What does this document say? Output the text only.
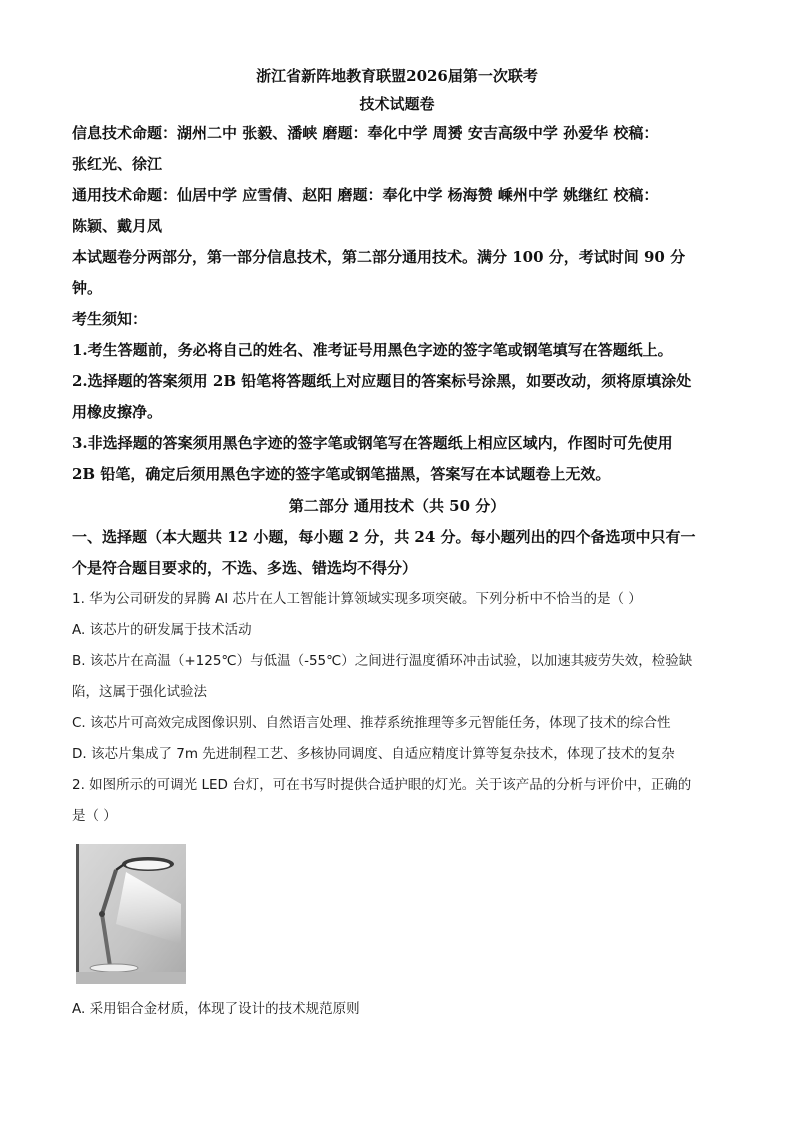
浙江省新阵地教育联盟2026届第一次联考
技术试题卷
信息技术命题：湖州二中 张毅、潘峡 磨题：奉化中学 周赟 安吉高级中学 孙爱华 校稿：
张红光、徐江
通用技术命题：仙居中学 应雪倩、赵阳 磨题：奉化中学 杨海赞 嵊州中学 姚继红 校稿：
陈颖、戴月凤
本试题卷分两部分，第一部分信息技术，第二部分通用技术。满分 100 分，考试时间 90 分
钟。
考生须知：
1.考生答题前，务必将自己的姓名、准考证号用黑色字迹的签字笔或钢笔填写在答题纸上。
2.选择题的答案须用 2B 铅笔将答题纸上对应题目的答案标号涂黑，如要改动，须将原填涂处
用橡皮擦净。
3.非选择题的答案须用黑色字迹的签字笔或钢笔写在答题纸上相应区域内，作图时可先使用
2B 铅笔，确定后须用黑色字迹的签字笔或钢笔描黑，答案写在本试题卷上无效。
第二部分 通用技术（共 50 分）
一、选择题（本大题共 12 小题，每小题 2 分，共 24 分。每小题列出的四个备选项中只有一
个是符合题目要求的，不选、多选、错选均不得分）
1. 华为公司研发的昇腾 AI 芯片在人工智能计算领域实现多项突破。下列分析中不恰当的是（ ）
A. 该芯片的研发属于技术活动
B. 该芯片在高温（+125℃）与低温（-55℃）之间进行温度循环冲击试验，以加速其疲劳失效，检验缺
陷，这属于强化试验法
C. 该芯片可高效完成图像识别、自然语言处理、推荐系统推理等多元智能任务，体现了技术的综合性
D. 该芯片集成了 7m 先进制程工艺、多核协同调度、自适应精度计算等复杂技术，体现了技术的复杂
2. 如图所示的可调光 LED 台灯，可在书写时提供合适护眼的灯光。关于该产品的分析与评价中，正确的
是（ ）
A. 采用铝合金材质，体现了设计的技术规范原则
